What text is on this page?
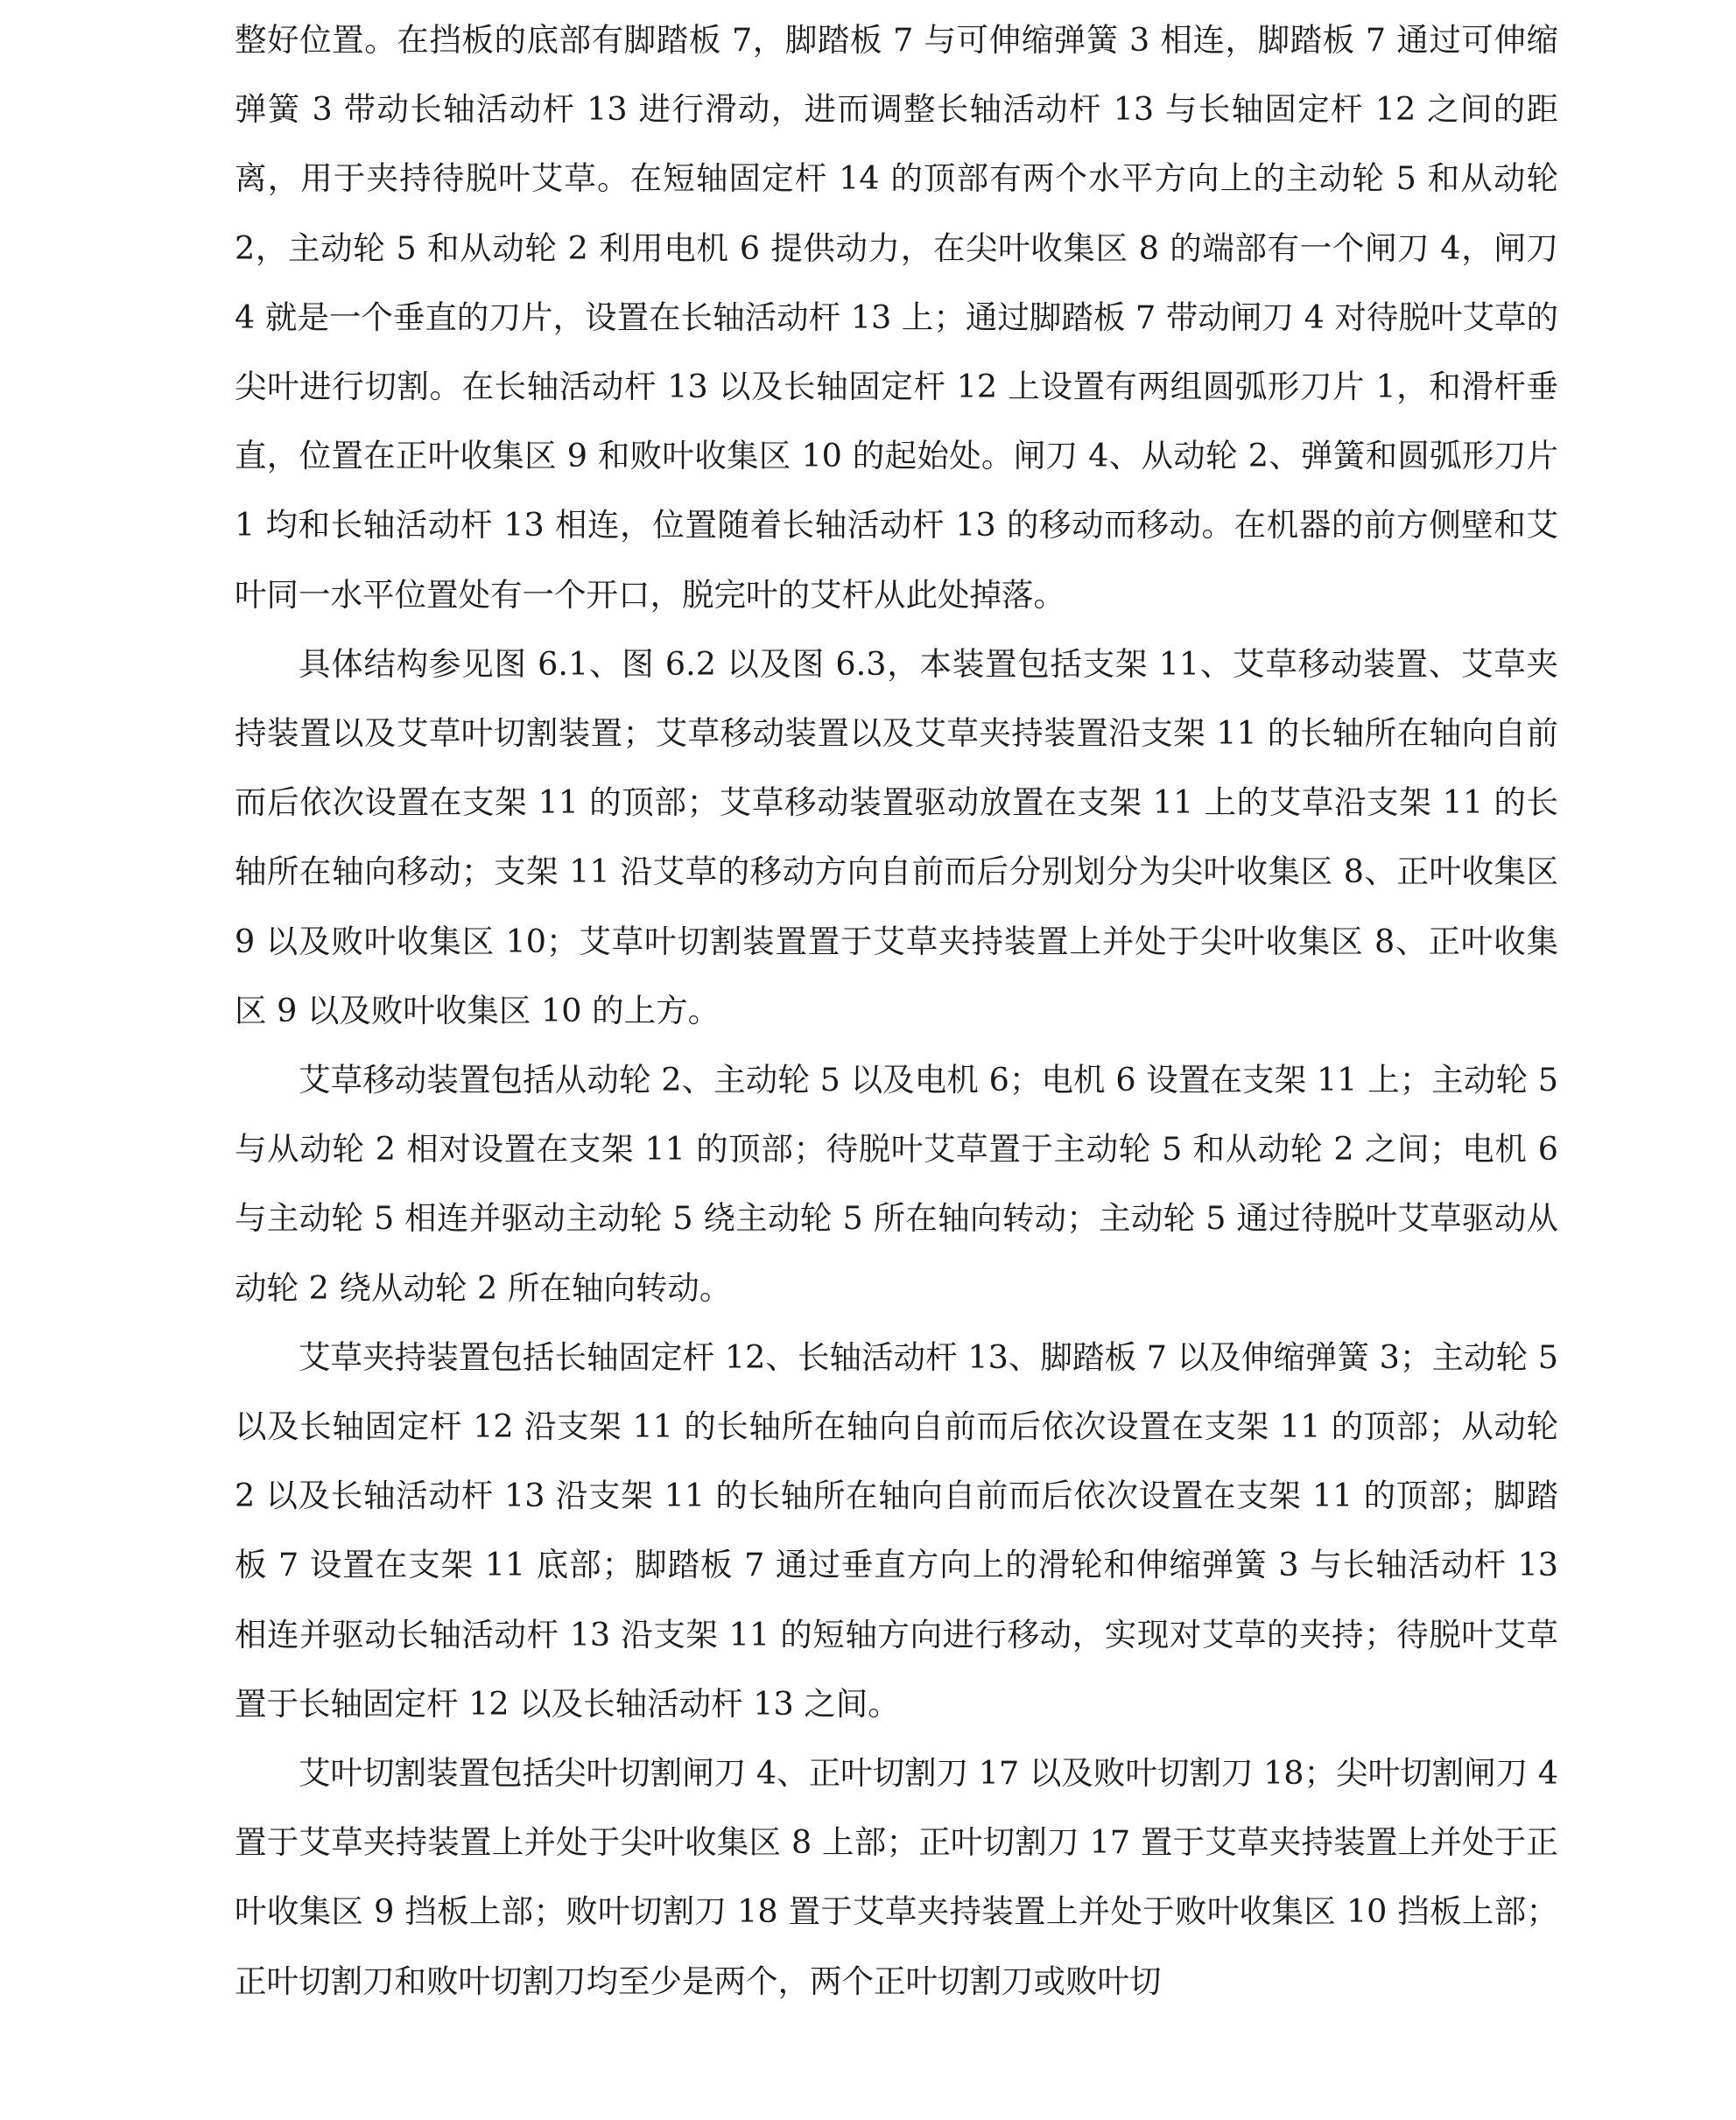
整好位置。在挡板的底部有脚踏板 7，脚踏板 7 与可伸缩弹簧 3 相连，脚踏板 7 通过可伸缩弹簧 3 带动长轴活动杆 13 进行滑动，进而调整长轴活动杆 13 与长轴固定杆 12 之间的距离，用于夹持待脱叶艾草。在短轴固定杆 14 的顶部有两个水平方向上的主动轮 5 和从动轮 2，主动轮 5 和从动轮 2 利用电机 6 提供动力，在尖叶收集区 8 的端部有一个闸刀 4，闸刀 4 就是一个垂直的刀片，设置在长轴活动杆 13 上；通过脚踏板 7 带动闸刀 4 对待脱叶艾草的尖叶进行切割。在长轴活动杆 13 以及长轴固定杆 12 上设置有两组圆弧形刀片 1，和滑杆垂直，位置在正叶收集区 9 和败叶收集区 10 的起始处。闸刀 4、从动轮 2、弹簧和圆弧形刀片 1 均和长轴活动杆 13 相连，位置随着长轴活动杆 13 的移动而移动。在机器的前方侧壁和艾叶同一水平位置处有一个开口，脱完叶的艾杆从此处掉落。

具体结构参见图 6.1、图 6.2 以及图 6.3，本装置包括支架 11、艾草移动装置、艾草夹持装置以及艾草叶切割装置；艾草移动装置以及艾草夹持装置沿支架 11 的长轴所在轴向自前而后依次设置在支架 11 的顶部；艾草移动装置驱动放置在支架 11 上的艾草沿支架 11 的长轴所在轴向移动；支架 11 沿艾草的移动方向自前而后分别划分为尖叶收集区 8、正叶收集区 9 以及败叶收集区 10；艾草叶切割装置置于艾草夹持装置上并处于尖叶收集区 8、正叶收集区 9 以及败叶收集区 10 的上方。

艾草移动装置包括从动轮 2、主动轮 5 以及电机 6；电机 6 设置在支架 11 上；主动轮 5 与从动轮 2 相对设置在支架 11 的顶部；待脱叶艾草置于主动轮 5 和从动轮 2 之间；电机 6 与主动轮 5 相连并驱动主动轮 5 绕主动轮 5 所在轴向转动；主动轮 5 通过待脱叶艾草驱动从动轮 2 绕从动轮 2 所在轴向转动。

艾草夹持装置包括长轴固定杆 12、长轴活动杆 13、脚踏板 7 以及伸缩弹簧 3；主动轮 5 以及长轴固定杆 12 沿支架 11 的长轴所在轴向自前而后依次设置在支架 11 的顶部；从动轮 2 以及长轴活动杆 13 沿支架 11 的长轴所在轴向自前而后依次设置在支架 11 的顶部；脚踏板 7 设置在支架 11 底部；脚踏板 7 通过垂直方向上的滑轮和伸缩弹簧 3 与长轴活动杆 13 相连并驱动长轴活动杆 13 沿支架 11 的短轴方向进行移动，实现对艾草的夹持；待脱叶艾草置于长轴固定杆 12 以及长轴活动杆 13 之间。

艾叶切割装置包括尖叶切割闸刀 4、正叶切割刀 17 以及败叶切割刀 18；尖叶切割闸刀 4 置于艾草夹持装置上并处于尖叶收集区 8 上部；正叶切割刀 17 置于艾草夹持装置上并处于正叶收集区 9 挡板上部；败叶切割刀 18 置于艾草夹持装置上并处于败叶收集区 10 挡板上部；正叶切割刀和败叶切割刀均至少是两个，两个正叶切割刀或败叶切
